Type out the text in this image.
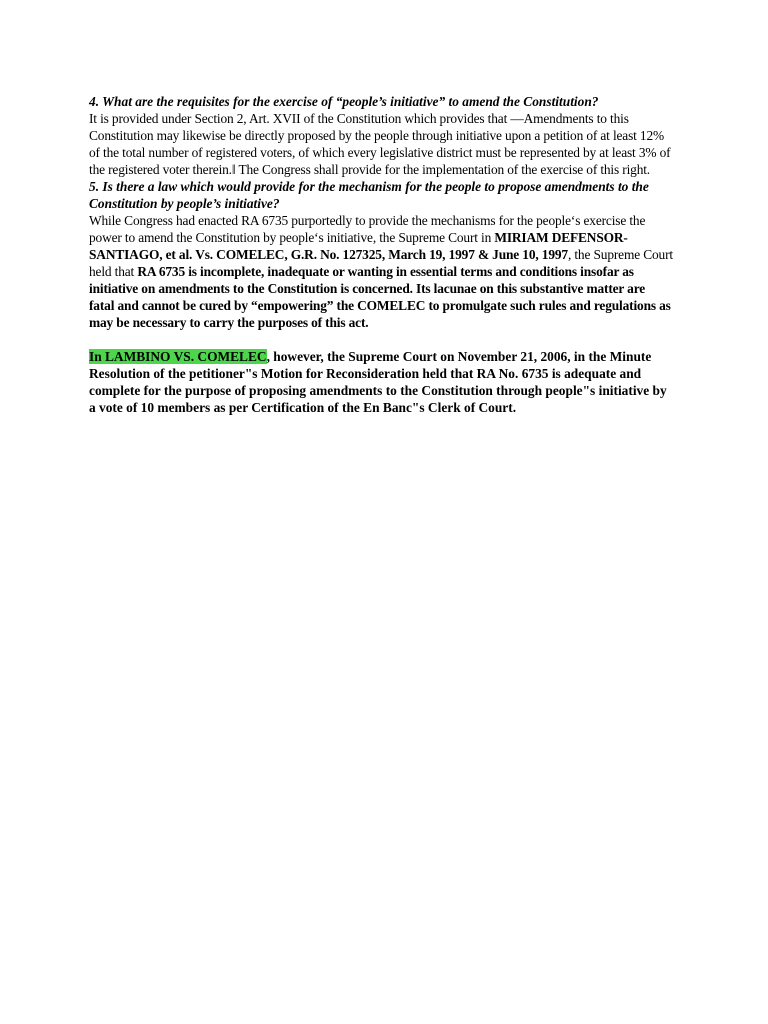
4. What are the requisites for the exercise of “people’s initiative” to amend the Constitution?

It is provided under Section 2, Art. XVII of the Constitution which provides that ―Amendments to this Constitution may likewise be directly proposed by the people through initiative upon a petition of at least 12% of the total number of registered voters, of which every legislative district must be represented by at least 3% of the registered voter therein.‖ The Congress shall provide for the implementation of the exercise of this right.

5. Is there a law which would provide for the mechanism for the people to propose amendments to the Constitution by people’s initiative?

While Congress had enacted RA 6735 purportedly to provide the mechanisms for the people‘s exercise the power to amend the Constitution by people‘s initiative, the Supreme Court in MIRIAM DEFENSOR-SANTIAGO, et al. Vs. COMELEC, G.R. No. 127325, March 19, 1997 & June 10, 1997, the Supreme Court held that RA 6735 is incomplete, inadequate or wanting in essential terms and conditions insofar as initiative on amendments to the Constitution is concerned. Its lacunae on this substantive matter are fatal and cannot be cured by “empowering” the COMELEC to promulgate such rules and regulations as may be necessary to carry the purposes of this act.

In LAMBINO VS. COMELEC, however, the Supreme Court on November 21, 2006, in the Minute Resolution of the petitioner"s Motion for Reconsideration held that RA No. 6735 is adequate and complete for the purpose of proposing amendments to the Constitution through people"s initiative by a vote of 10 members as per Certification of the En Banc"s Clerk of Court.
